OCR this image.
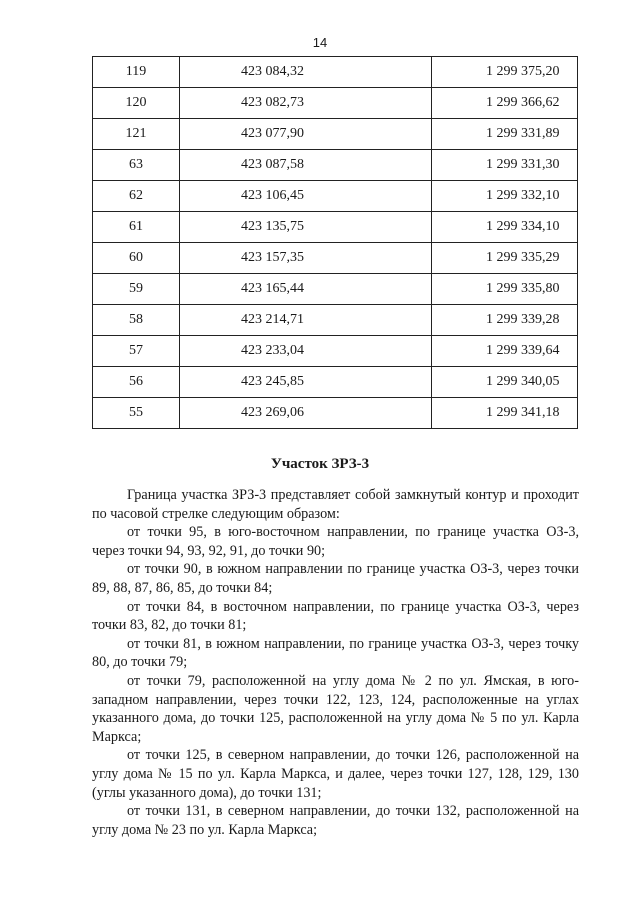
14
119	423 084,32	1 299 375,20
120	423 082,73	1 299 366,62
121	423 077,90	1 299 331,89
63	423 087,58	1 299 331,30
62	423 106,45	1 299 332,10
61	423 135,75	1 299 334,10
60	423 157,35	1 299 335,29
59	423 165,44	1 299 335,80
58	423 214,71	1 299 339,28
57	423 233,04	1 299 339,64
56	423 245,85	1 299 340,05
55	423 269,06	1 299 341,18
Участок ЗРЗ-3

Граница участка ЗРЗ-3 представляет собой замкнутый контур и проходит по часовой стрелке следующим образом:

от точки 95, в юго-восточном направлении, по границе участка ОЗ-3, через точки 94, 93, 92, 91, до точки 90;

от точки 90, в южном направлении по границе участка ОЗ-3, через точки 89, 88, 87, 86, 85, до точки 84;

от точки 84, в восточном направлении, по границе участка ОЗ-3, через точки 83, 82, до точки 81;

от точки 81, в южном направлении, по границе участка ОЗ-3, через точку 80, до точки 79;

от точки 79, расположенной на углу дома № 2 по ул. Ямская, в юго-западном направлении, через точки 122, 123, 124, расположенные на углах указанного дома, до точки 125, расположенной на углу дома № 5 по ул. Карла Маркса;

от точки 125, в северном направлении, до точки 126, расположенной на углу дома № 15 по ул. Карла Маркса, и далее, через точки 127, 128, 129, 130 (углы указанного дома), до точки 131;

от точки 131, в северном направлении, до точки 132, расположенной на углу дома № 23 по ул. Карла Маркса;
